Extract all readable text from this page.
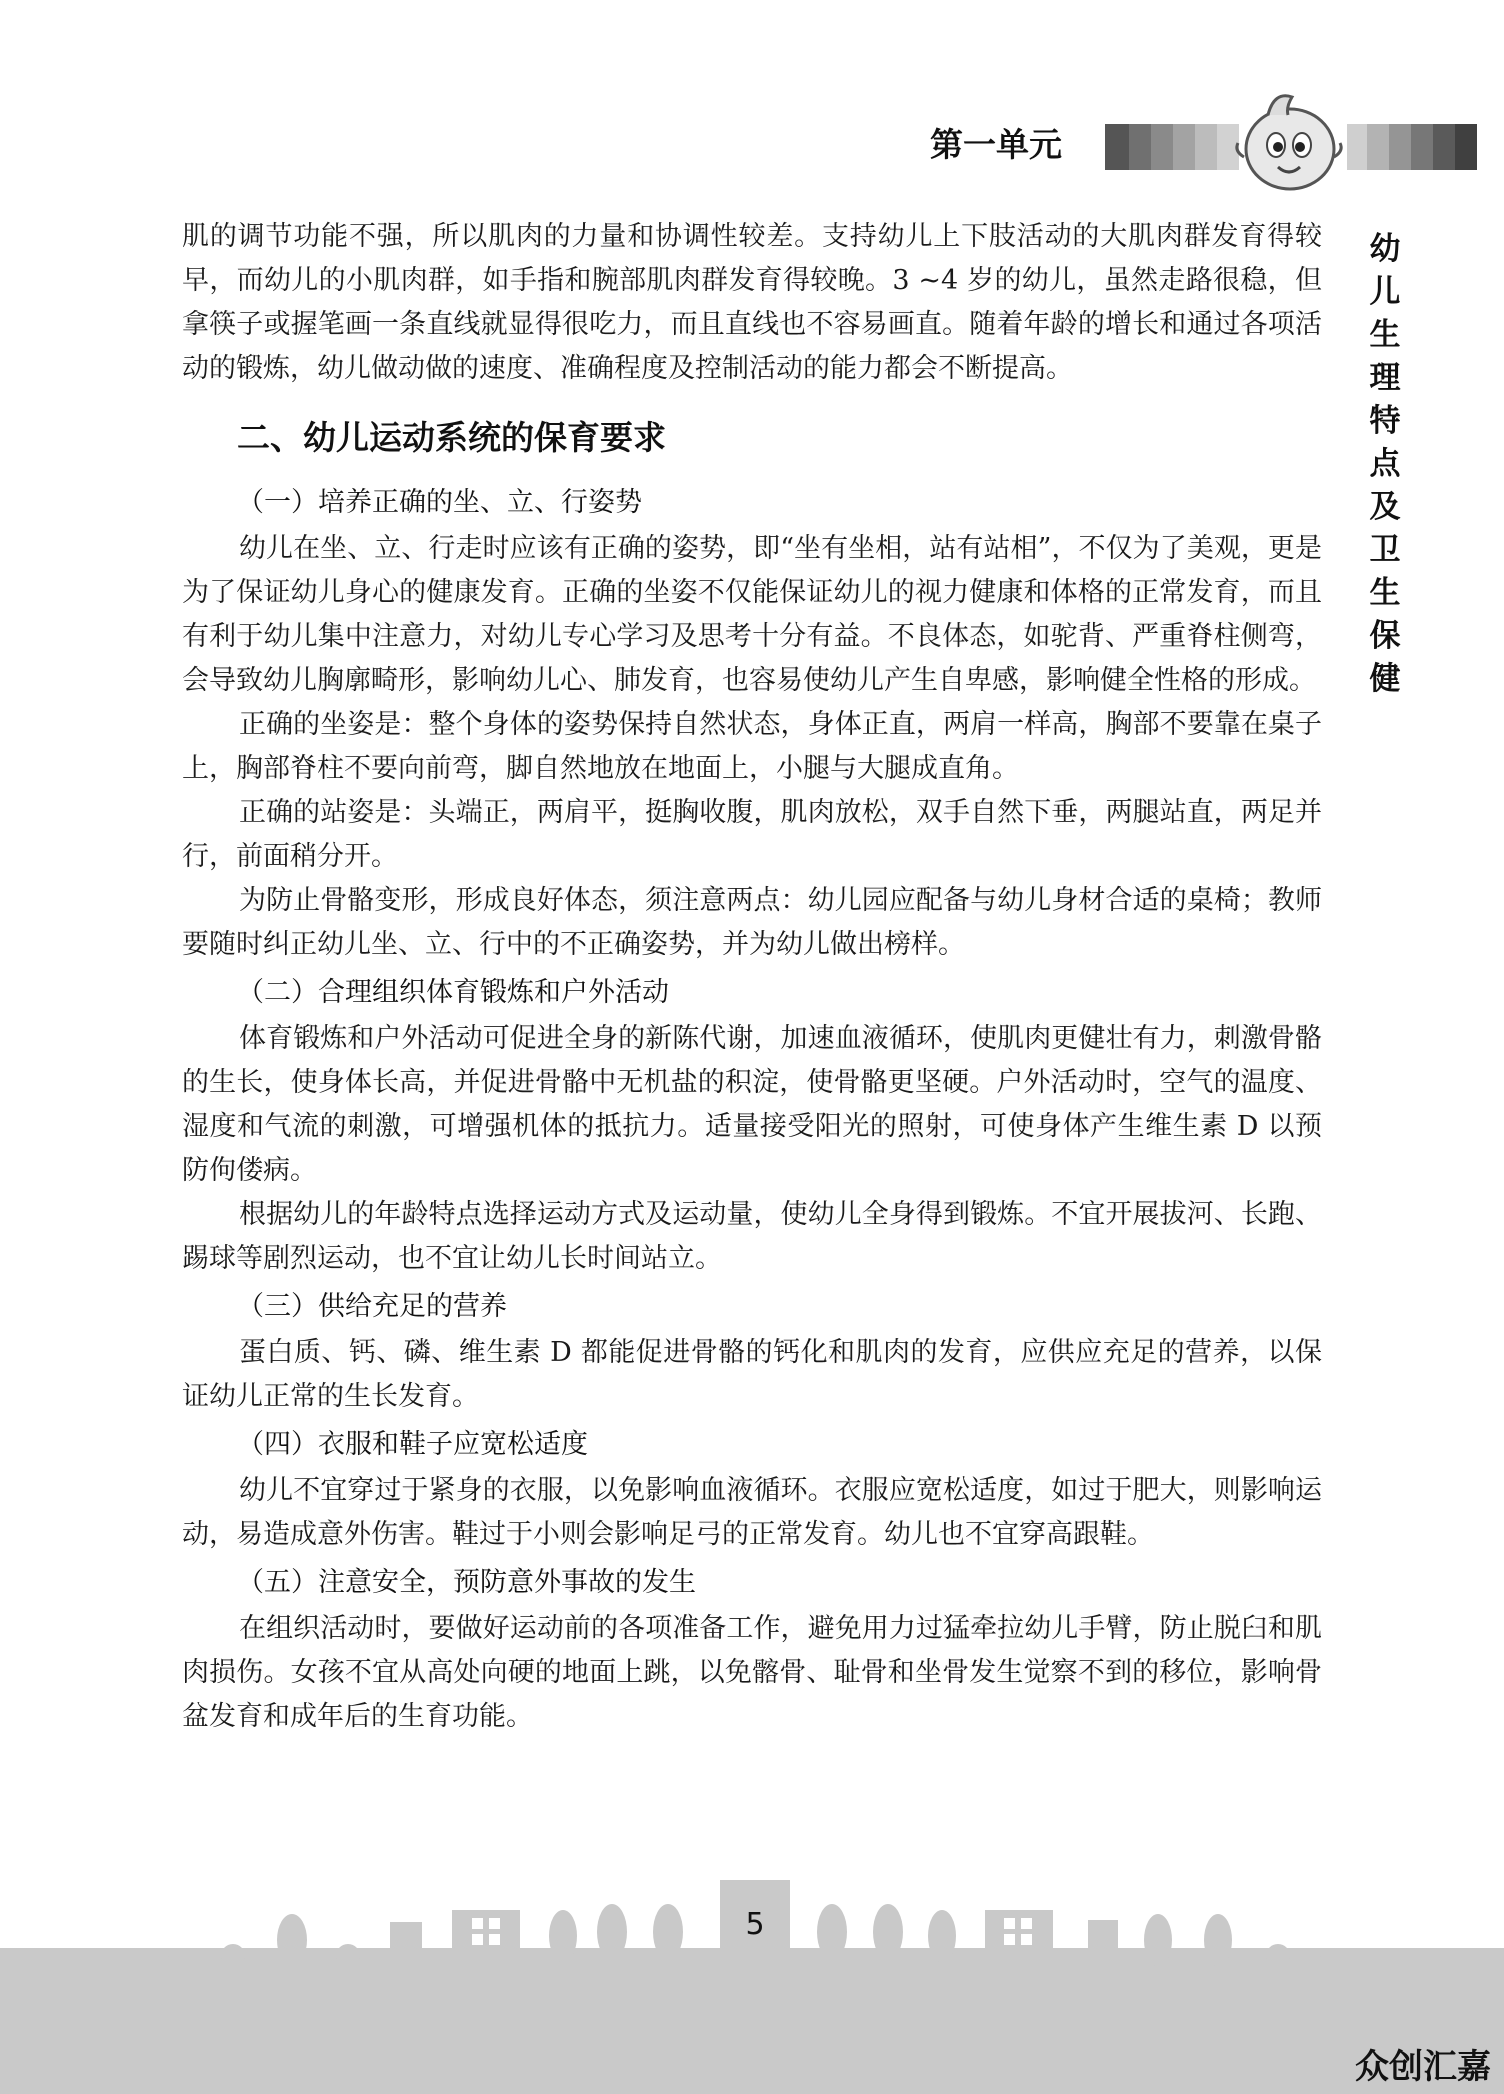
第一单元
幼
儿
生
理
特
点
及
卫
生
保
健

肌的调节功能不强，所以肌肉的力量和协调性较差。支持幼儿上下肢活动的大肌肉群发育得较早，而幼儿的小肌肉群，如手指和腕部肌肉群发育得较晚。3 ~4 岁的幼儿，虽然走路很稳，但拿筷子或握笔画一条直线就显得很吃力，而且直线也不容易画直。随着年龄的增长和通过各项活动的锻炼，幼儿做动做的速度、准确程度及控制活动的能力都会不断提高。

二、幼儿运动系统的保育要求
（一）培养正确的坐、立、行姿势

幼儿在坐、立、行走时应该有正确的姿势，即“坐有坐相，站有站相”，不仅为了美观，更是为了保证幼儿身心的健康发育。正确的坐姿不仅能保证幼儿的视力健康和体格的正常发育，而且有利于幼儿集中注意力，对幼儿专心学习及思考十分有益。不良体态，如驼背、严重脊柱侧弯，会导致幼儿胸廓畸形，影响幼儿心、肺发育，也容易使幼儿产生自卑感，影响健全性格的形成。

正确的坐姿是：整个身体的姿势保持自然状态，身体正直，两肩一样高，胸部不要靠在桌子上，胸部脊柱不要向前弯，脚自然地放在地面上，小腿与大腿成直角。

正确的站姿是：头端正，两肩平，挺胸收腹，肌肉放松，双手自然下垂，两腿站直，两足并行，前面稍分开。

为防止骨骼变形，形成良好体态，须注意两点：幼儿园应配备与幼儿身材合适的桌椅；教师要随时纠正幼儿坐、立、行中的不正确姿势，并为幼儿做出榜样。

（二）合理组织体育锻炼和户外活动

体育锻炼和户外活动可促进全身的新陈代谢，加速血液循环，使肌肉更健壮有力，刺激骨骼的生长，使身体长高，并促进骨骼中无机盐的积淀，使骨骼更坚硬。户外活动时，空气的温度、湿度和气流的刺激，可增强机体的抵抗力。适量接受阳光的照射，可使身体产生维生素 D 以预防佝偻病。

根据幼儿的年龄特点选择运动方式及运动量，使幼儿全身得到锻炼。不宜开展拔河、长跑、踢球等剧烈运动，也不宜让幼儿长时间站立。

（三）供给充足的营养

蛋白质、钙、磷、维生素 D 都能促进骨骼的钙化和肌肉的发育，应供应充足的营养，以保证幼儿正常的生长发育。

（四）衣服和鞋子应宽松适度

幼儿不宜穿过于紧身的衣服，以免影响血液循环。衣服应宽松适度，如过于肥大，则影响运动，易造成意外伤害。鞋过于小则会影响足弓的正常发育。幼儿也不宜穿高跟鞋。

（五）注意安全，预防意外事故的发生

在组织活动时，要做好运动前的各项准备工作，避免用力过猛牵拉幼儿手臂，防止脱臼和肌肉损伤。女孩不宜从高处向硬的地面上跳，以免髂骨、耻骨和坐骨发生觉察不到的移位，影响骨盆发育和成年后的生育功能。

5
众创汇嘉
